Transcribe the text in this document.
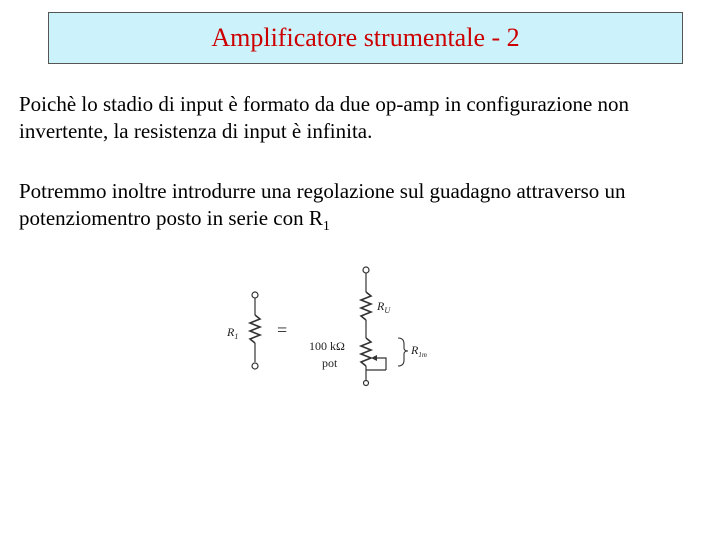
Amplificatore strumentale - 2

Poichè lo stadio di input è formato da due op-amp in configurazione non invertente, la resistenza di input è infinita.

Potremmo inoltre introdurre una regolazione sul guadagno attraverso un potenziomentro posto in serie con $R_1$

$R_1$ =
$R_U$
$R_{1m}$
100 kΩ
pot
